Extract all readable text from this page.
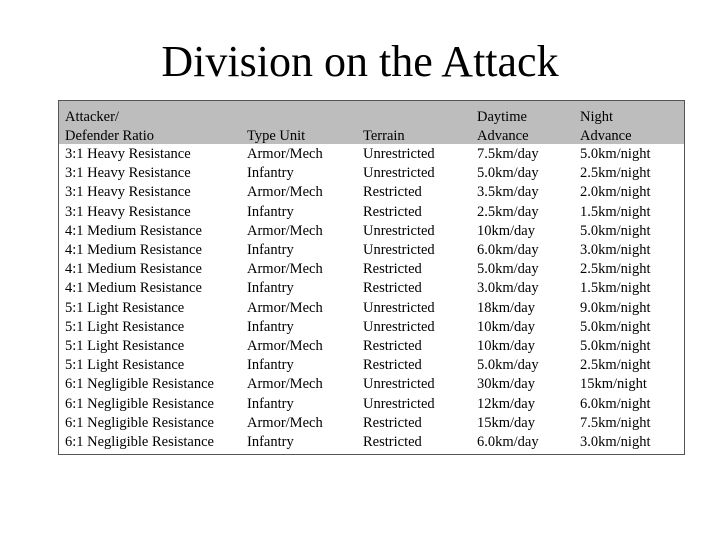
Division on the Attack
Attacker/			Daytime	Night
Defender Ratio	Type Unit	Terrain	Advance	Advance
3:1 Heavy Resistance	Armor/Mech	Unrestricted	7.5km/day	5.0km/night
3:1 Heavy Resistance	Infantry	Unrestricted	5.0km/day	2.5km/night
3:1 Heavy Resistance	Armor/Mech	Restricted	3.5km/day	2.0km/night
3:1 Heavy Resistance	Infantry	Restricted	2.5km/day	1.5km/night
4:1 Medium Resistance	Armor/Mech	Unrestricted	10km/day	5.0km/night
4:1 Medium Resistance	Infantry	Unrestricted	6.0km/day	3.0km/night
4:1 Medium Resistance	Armor/Mech	Restricted	5.0km/day	2.5km/night
4:1 Medium Resistance	Infantry	Restricted	3.0km/day	1.5km/night
5:1 Light Resistance	Armor/Mech	Unrestricted	18km/day	9.0km/night
5:1 Light Resistance	Infantry	Unrestricted	10km/day	5.0km/night
5:1 Light Resistance	Armor/Mech	Restricted	10km/day	5.0km/night
5:1 Light Resistance	Infantry	Restricted	5.0km/day	2.5km/night
6:1 Negligible Resistance	Armor/Mech	Unrestricted	30km/day	15km/night
6:1 Negligible Resistance	Infantry	Unrestricted	12km/day	6.0km/night
6:1 Negligible Resistance	Armor/Mech	Restricted	15km/day	7.5km/night
6:1 Negligible Resistance	Infantry	Restricted	6.0km/day	3.0km/night
